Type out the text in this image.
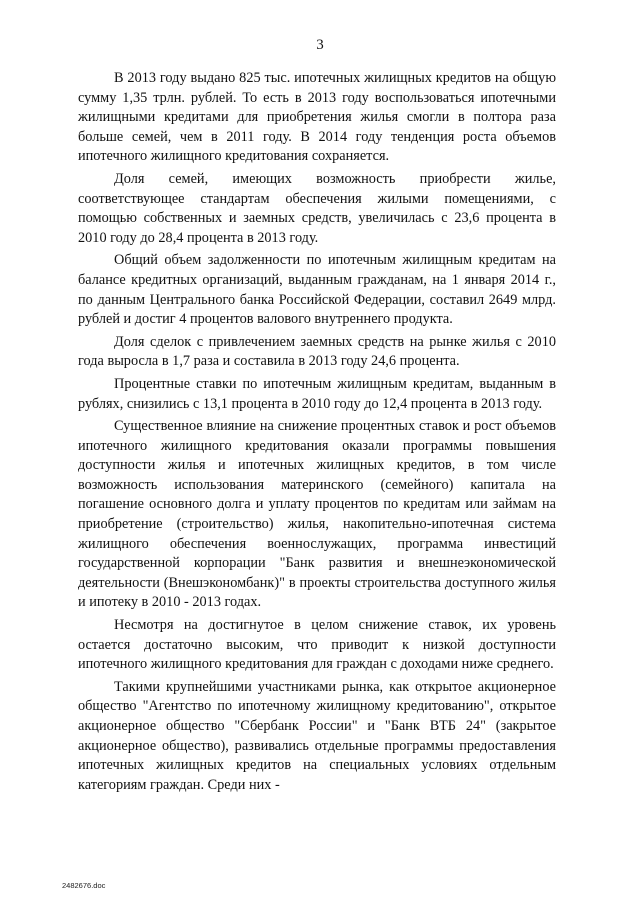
3

В 2013 году выдано 825 тыс. ипотечных жилищных кредитов на общую сумму 1,35 трлн. рублей. То есть в 2013 году воспользоваться ипотечными жилищными кредитами для приобретения жилья смогли в полтора раза больше семей, чем в 2011 году. В 2014 году тенденция роста объемов ипотечного жилищного кредитования сохраняется.

Доля семей, имеющих возможность приобрести жилье, соответствующее стандартам обеспечения жилыми помещениями, с помощью собственных и заемных средств, увеличилась с 23,6 процента в 2010 году до 28,4 процента в 2013 году.

Общий объем задолженности по ипотечным жилищным кредитам на балансе кредитных организаций, выданным гражданам, на 1 января 2014 г., по данным Центрального банка Российской Федерации, составил 2649 млрд. рублей и достиг 4 процентов валового внутреннего продукта.

Доля сделок с привлечением заемных средств на рынке жилья с 2010 года выросла в 1,7 раза и составила в 2013 году 24,6 процента.

Процентные ставки по ипотечным жилищным кредитам, выданным в рублях, снизились с 13,1 процента в 2010 году до 12,4 процента в 2013 году.

Существенное влияние на снижение процентных ставок и рост объемов ипотечного жилищного кредитования оказали программы повышения доступности жилья и ипотечных жилищных кредитов, в том числе возможность использования материнского (семейного) капитала на погашение основного долга и уплату процентов по кредитам или займам на приобретение (строительство) жилья, накопительно-ипотечная система жилищного обеспечения военнослужащих, программа инвестиций государственной корпорации "Банк развития и внешнеэкономической деятельности (Внешэкономбанк)" в проекты строительства доступного жилья и ипотеку в 2010 - 2013 годах.

Несмотря на достигнутое в целом снижение ставок, их уровень остается достаточно высоким, что приводит к низкой доступности ипотечного жилищного кредитования для граждан с доходами ниже среднего.

Такими крупнейшими участниками рынка, как открытое акционерное общество "Агентство по ипотечному жилищному кредитованию", открытое акционерное общество "Сбербанк России" и "Банк ВТБ 24" (закрытое акционерное общество), развивались отдельные программы предоставления ипотечных жилищных кредитов на специальных условиях отдельным категориям граждан. Среди них -

2482676.doc
